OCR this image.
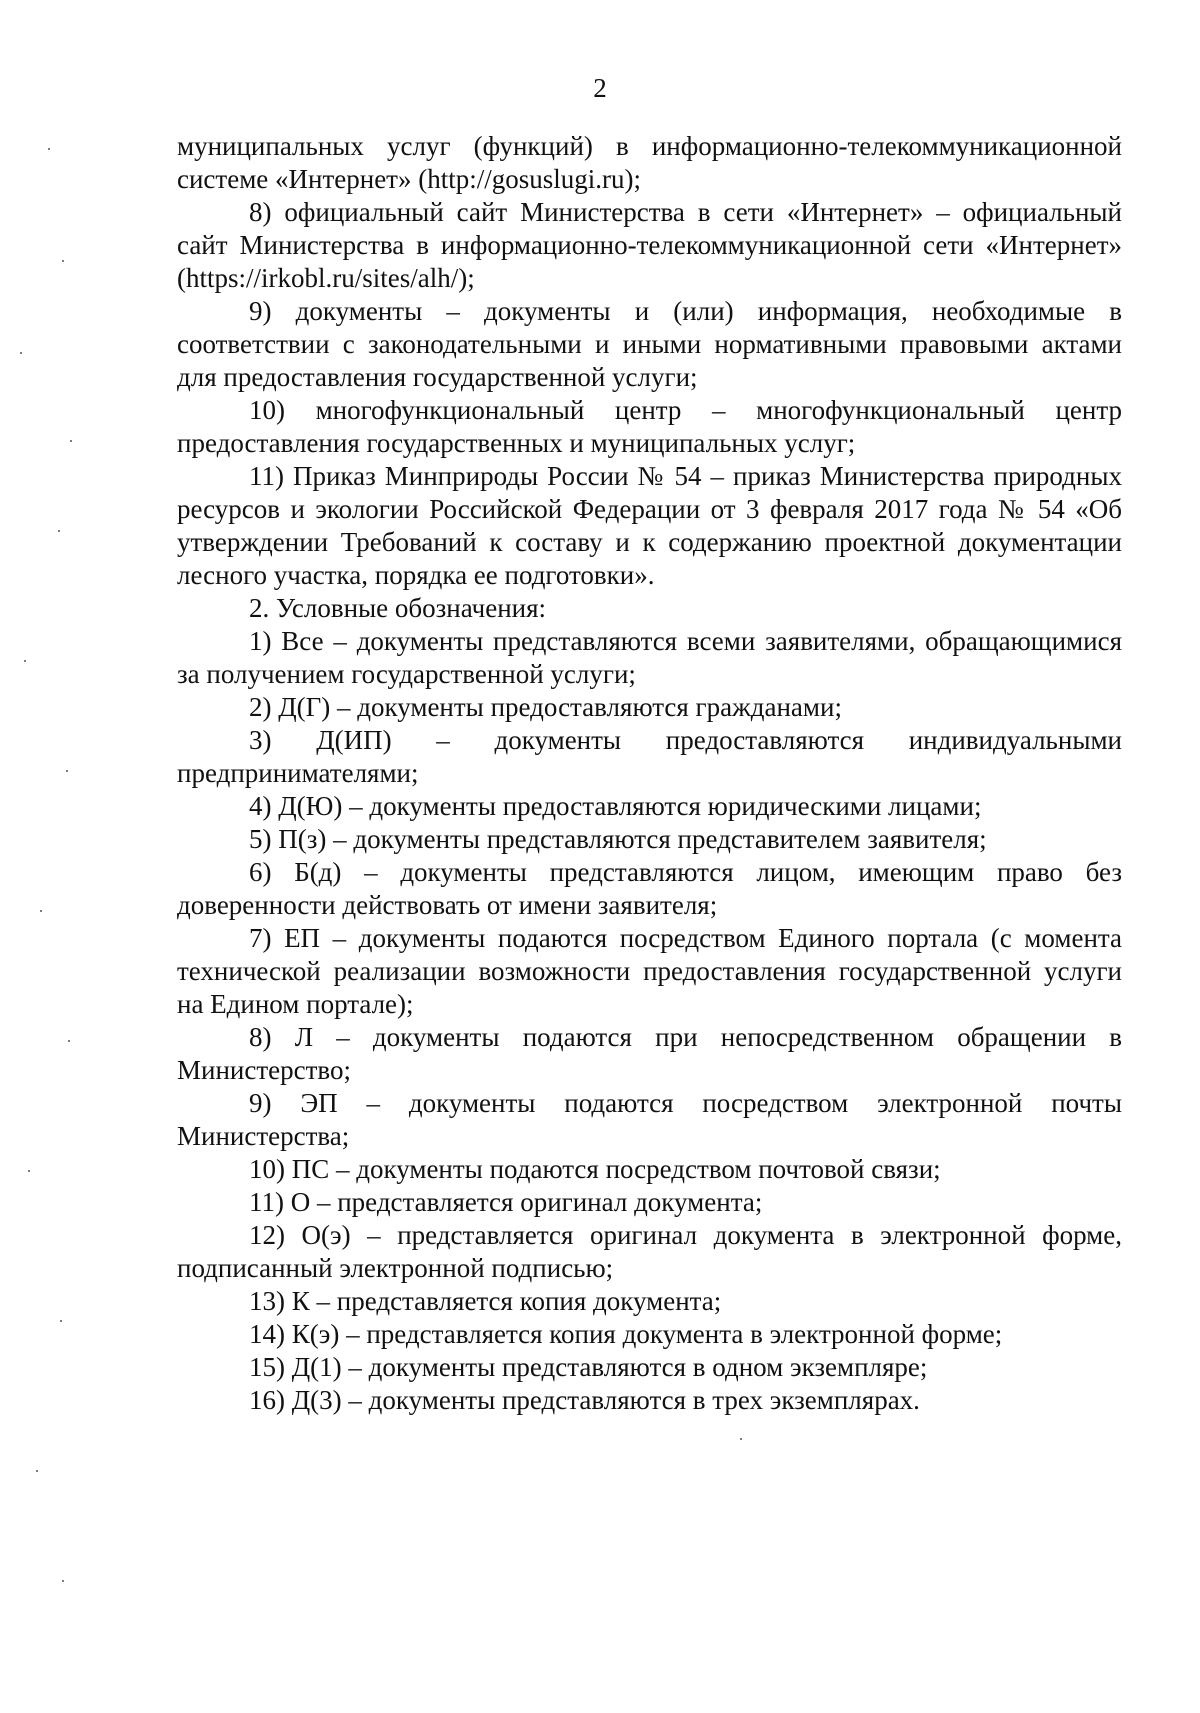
2

муниципальных услуг (функций) в информационно-телекоммуникационной системе «Интернет» (http://gosuslugi.ru);

8) официальный сайт Министерства в сети «Интернет» – официальный сайт Министерства в информационно-телекоммуникационной сети «Интернет» (https://irkobl.ru/sites/alh/);

9) документы – документы и (или) информация, необходимые в соответствии с законодательными и иными нормативными правовыми актами для предоставления государственной услуги;

10) многофункциональный центр – многофункциональный центр предоставления государственных и муниципальных услуг;

11) Приказ Минприроды России № 54 – приказ Министерства природных ресурсов и экологии Российской Федерации от 3 февраля 2017 года № 54 «Об утверждении Требований к составу и к содержанию проектной документации лесного участка, порядка ее подготовки».

2. Условные обозначения:

1) Все – документы представляются всеми заявителями, обращающимися за получением государственной услуги;

2) Д(Г) – документы предоставляются гражданами;

3) Д(ИП) – документы предоставляются индивидуальными предпринимателями;

4) Д(Ю) – документы предоставляются юридическими лицами;

5) П(з) – документы представляются представителем заявителя;

6) Б(д) – документы представляются лицом, имеющим право без доверенности действовать от имени заявителя;

7) ЕП – документы подаются посредством Единого портала (с момента технической реализации возможности предоставления государственной услуги на Едином портале);

8) Л – документы подаются при непосредственном обращении в Министерство;

9) ЭП – документы подаются посредством электронной почты Министерства;

10) ПС – документы подаются посредством почтовой связи;

11) О – представляется оригинал документа;

12) О(э) – представляется оригинал документа в электронной форме, подписанный электронной подписью;

13) К – представляется копия документа;

14) К(э) – представляется копия документа в электронной форме;

15) Д(1) – документы представляются в одном экземпляре;

16) Д(3) – документы представляются в трех экземплярах.
